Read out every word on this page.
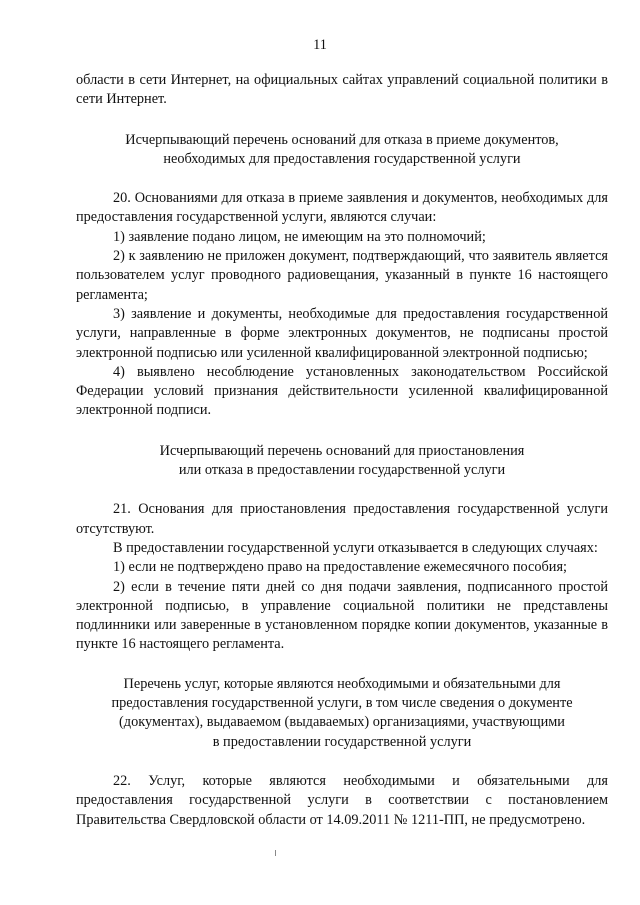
11

области в сети Интернет, на официальных сайтах управлений социальной политики в сети Интернет.

Исчерпывающий перечень оснований для отказа в приеме документов,

необходимых для предоставления государственной услуги

20. Основаниями для отказа в приеме заявления и документов, необходимых для предоставления государственной услуги, являются случаи:

1) заявление подано лицом, не имеющим на это полномочий;

2) к заявлению не приложен документ, подтверждающий, что заявитель является пользователем услуг проводного радиовещания, указанный в пункте 16 настоящего регламента;

3) заявление и документы, необходимые для предоставления государственной услуги, направленные в форме электронных документов, не подписаны простой электронной подписью или усиленной квалифицированной электронной подписью;

4) выявлено несоблюдение установленных законодательством Российской Федерации условий признания действительности усиленной квалифицированной электронной подписи.

Исчерпывающий перечень оснований для приостановления

или отказа в предоставлении государственной услуги

21. Основания для приостановления предоставления государственной услуги отсутствуют.

В предоставлении государственной услуги отказывается в следующих случаях:

1) если не подтверждено право на предоставление ежемесячного пособия;

2) если в течение пяти дней со дня подачи заявления, подписанного простой электронной подписью, в управление социальной политики не представлены подлинники или заверенные в установленном порядке копии документов, указанные в пункте 16 настоящего регламента.

Перечень услуг, которые являются необходимыми и обязательными для

предоставления государственной услуги, в том числе сведения о документе

(документах), выдаваемом (выдаваемых) организациями, участвующими

в предоставлении государственной услуги

22. Услуг, которые являются необходимыми и обязательными для предоставления государственной услуги в соответствии с постановлением Правительства Свердловской области от 14.09.2011 № 1211-ПП, не предусмотрено.
